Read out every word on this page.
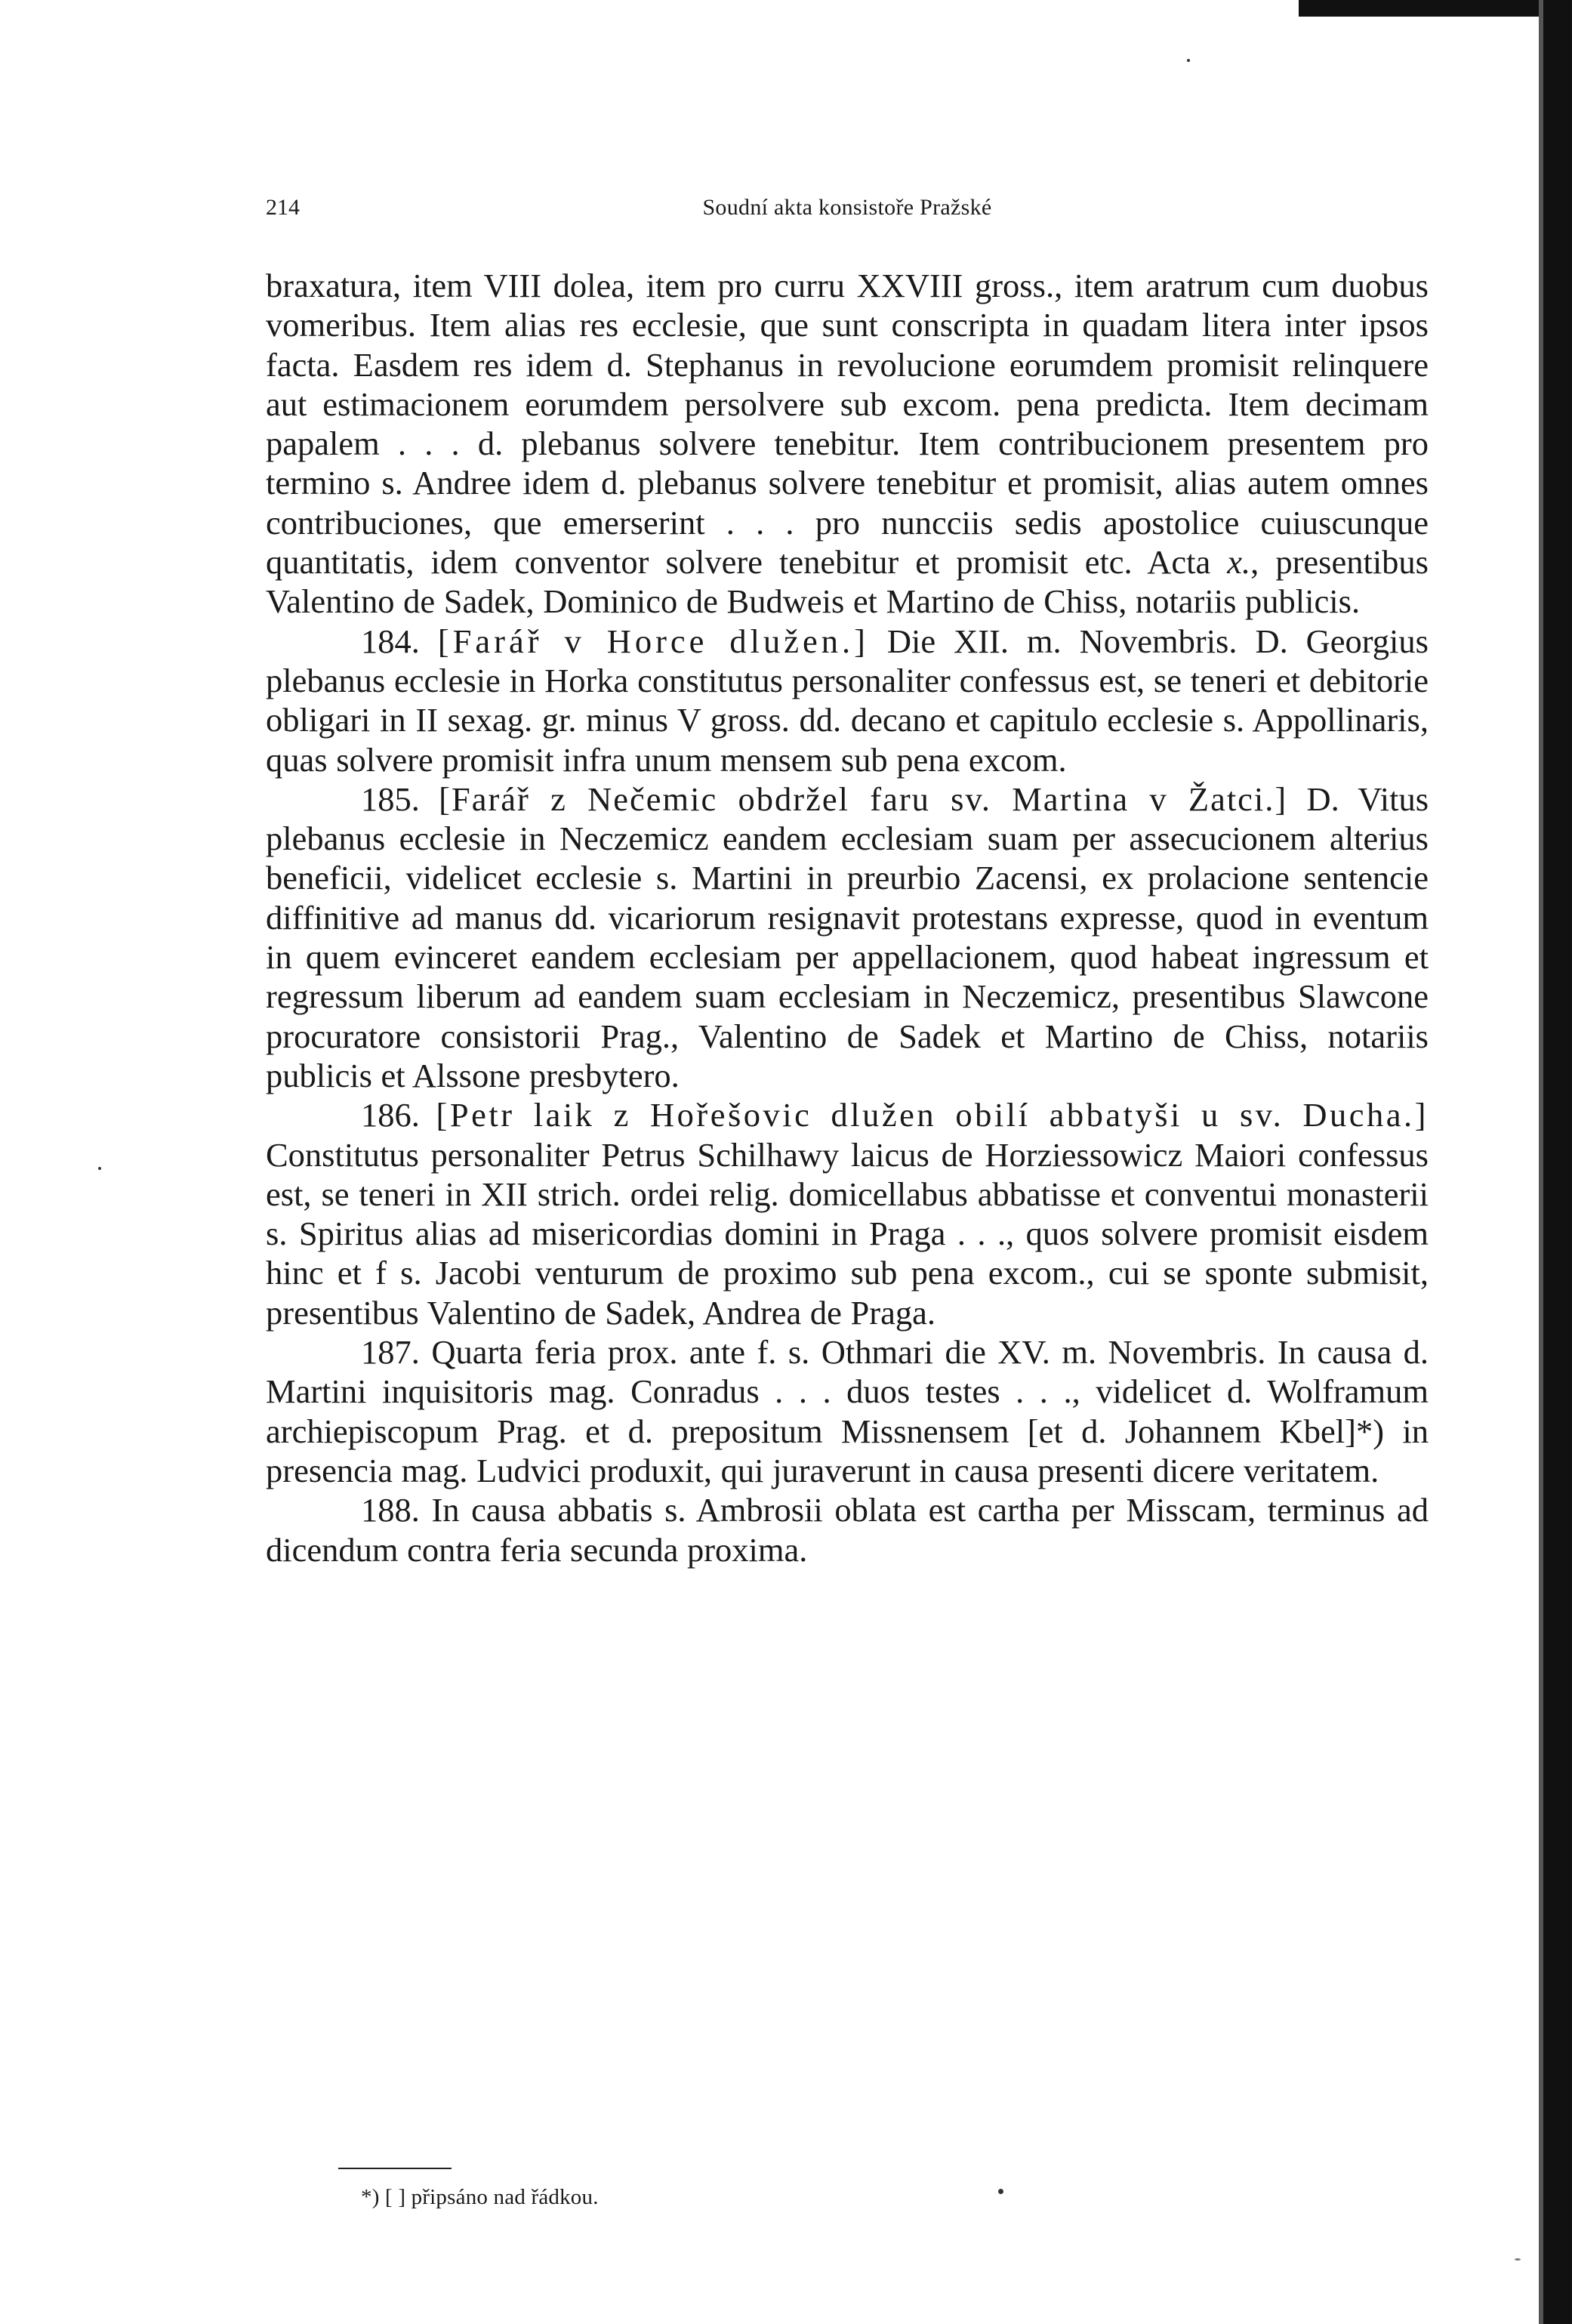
214	Soudní akta konsistoře Pražské

braxatura, item VIII dolea, item pro curru XXVIII gross., item aratrum cum duobus vomeribus. Item alias res ecclesie, que sunt conscripta in quadam litera inter ipsos facta. Easdem res idem d. Stephanus in revolucione eorumdem promisit relinquere aut estimacionem eorumdem persolvere sub excom. pena predicta. Item decimam papalem . . . d. plebanus solvere tenebitur. Item contribucionem presentem pro termino s. Andree idem d. plebanus solvere tenebitur et promisit, alias autem omnes contribuciones, que emerserint . . . pro nuncciis sedis apostolice cuiuscunque quantitatis, idem conventor solvere tenebitur et promisit etc. Acta x., presentibus Valentino de Sadek, Dominico de Budweis et Martino de Chiss, notariis publicis.

184. [Farář v Horce dlužen.] Die XII. m. Novembris. D. Georgius plebanus ecclesie in Horka constitutus personaliter confessus est, se teneri et debitorie obligari in II sexag. gr. minus V gross. dd. decano et capitulo ecclesie s. Appollinaris, quas solvere promisit infra unum mensem sub pena excom.

185. [Farář z Nečemic obdržel faru sv. Martina v Žatci.] D. Vitus plebanus ecclesie in Neczemicz eandem ecclesiam suam per assecucionem alterius beneficii, videlicet ecclesie s. Martini in preurbio Zacensi, ex prolacione sentencie diffinitive ad manus dd. vicariorum resignavit protestans expresse, quod in eventum in quem evinceret eandem ecclesiam per appellacionem, quod habeat ingressum et regressum liberum ad eandem suam ecclesiam in Neczemicz, presentibus Slawcone procuratore consistorii Prag., Valentino de Sadek et Martino de Chiss, notariis publicis et Alssone presbytero.

186. [Petr laik z Hořešovic dlužen obilí abbatyši u sv. Ducha.] Constitutus personaliter Petrus Schilhawy laicus de Horziessowicz Maiori confessus est, se teneri in XII strich. ordei relig. domicellabus abbatisse et conventui monasterii s. Spiritus alias ad misericordias domini in Praga . . ., quos solvere promisit eisdem hinc et f s. Jacobi venturum de proximo sub pena excom., cui se sponte submisit, presentibus Valentino de Sadek, Andrea de Praga.

187. Quarta feria prox. ante f. s. Othmari die XV. m. Novembris. In causa d. Martini inquisitoris mag. Conradus . . . duos testes . . ., videlicet d. Wolframum archiepiscopum Prag. et d. prepositum Missnensem [et d. Johannem Kbel]*) in presencia mag. Ludvici produxit, qui juraverunt in causa presenti dicere veritatem.

188. In causa abbatis s. Ambrosii oblata est cartha per Misscam, terminus ad dicendum contra feria secunda proxima.

*) [ ] připsáno nad řádkou.
